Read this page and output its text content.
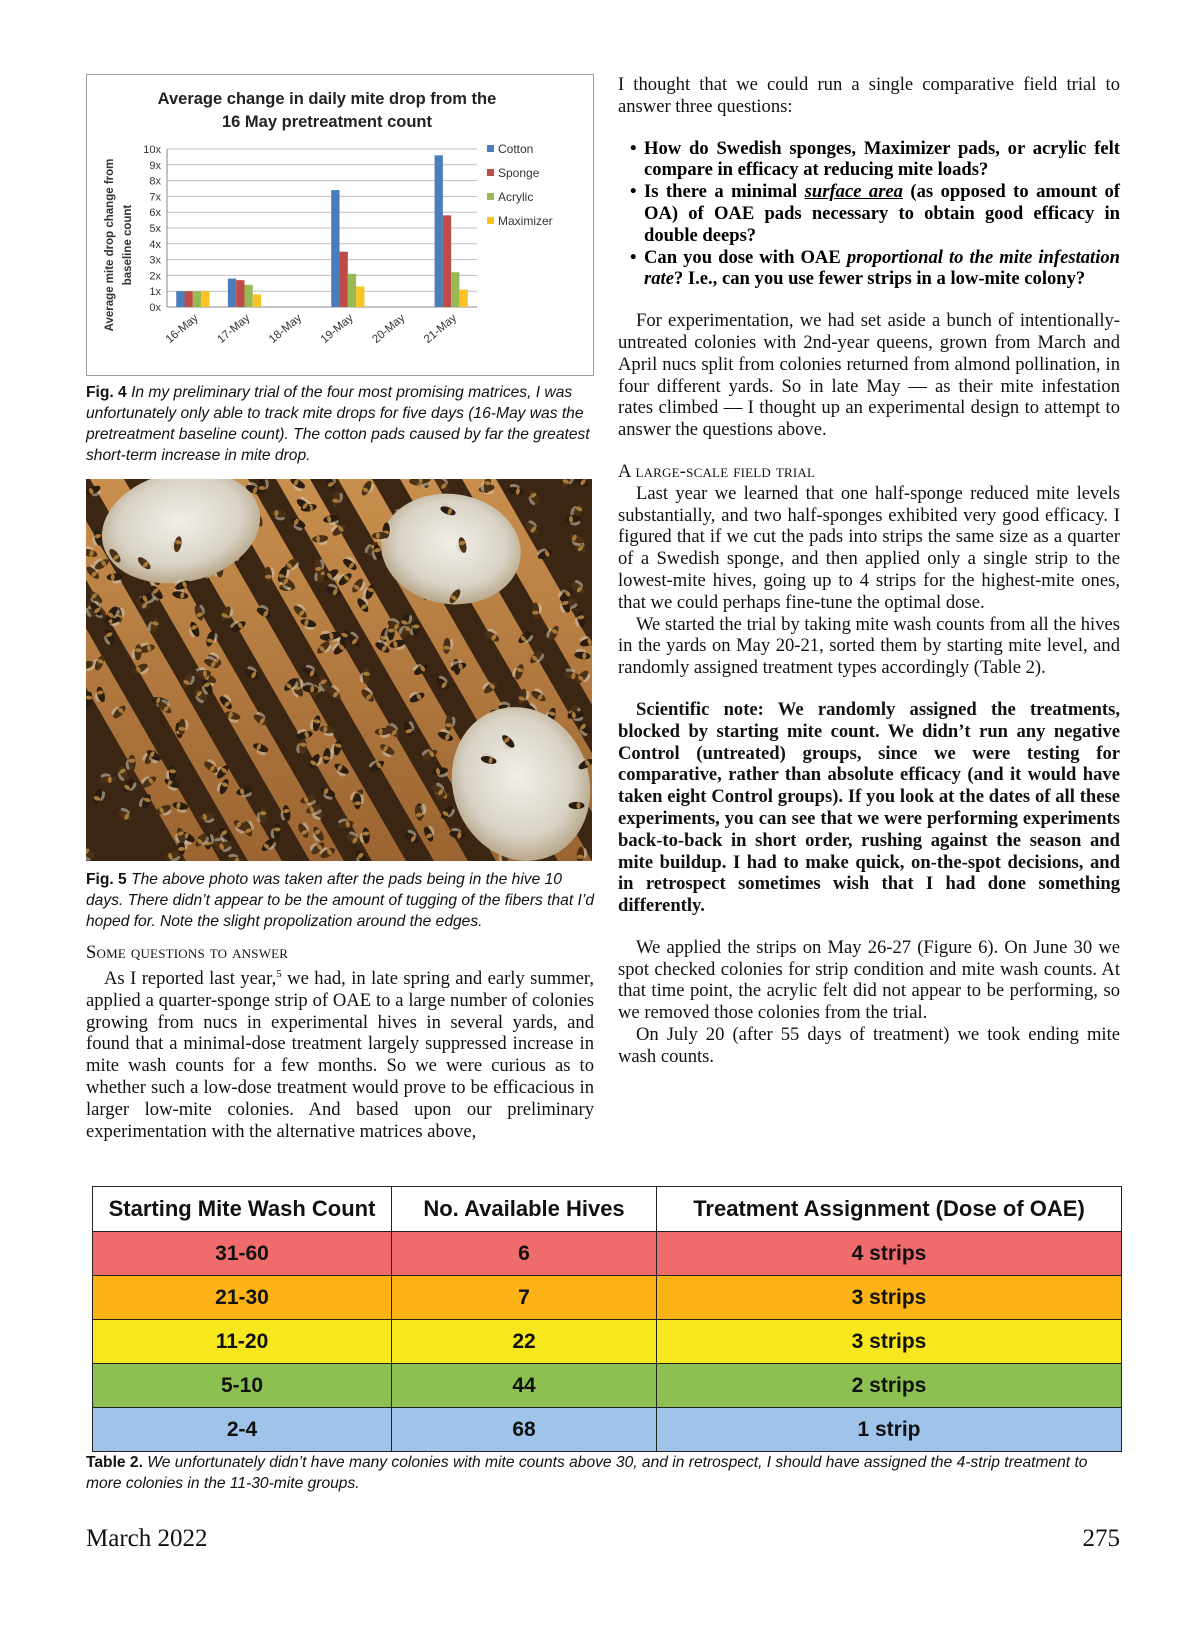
Average change in daily mite drop from the
16 May pretreatment count
0x
1x
2x
3x
4x
5x
6x
7x
8x
9x
10x
Average mite drop change from baseline count
16-May 17-May 18-May 19-May 20-May 21-May
Cotton
Sponge
Acrylic
Maximizer
Fig. 4 In my preliminary trial of the four most promising matrices, I was unfortunately only able to track mite drops for five days (16-May was the pretreatment baseline count). The cotton pads caused by far the greatest short-term increase in mite drop.
Fig. 5 The above photo was taken after the pads being in the hive 10 days. There didn’t appear to be the amount of tugging of the fibers that I’d hoped for. Note the slight propolization around the edges.

Some questions to answer

As I reported last year,$^5$ we had, in late spring and early summer, applied a quarter-sponge strip of OAE to a large number of colonies growing from nucs in experimental hives in several yards, and found that a minimal-dose treatment largely suppressed increase in mite wash counts for a few months. So we were curious as to whether such a low-dose treatment would prove to be efficacious in larger low-mite colonies. And based upon our preliminary experimentation with the alternative matrices above,

I thought that we could run a single comparative field trial to answer three questions:

• How do Swedish sponges, Maximizer pads, or acrylic felt compare in efficacy at reducing mite loads?
• Is there a minimal surface area (as opposed to amount of OA) of OAE pads necessary to obtain good efficacy in double deeps?
• Can you dose with OAE proportional to the mite infestation rate? I.e., can you use fewer strips in a low-mite colony?

For experimentation, we had set aside a bunch of intentionally-untreated colonies with 2nd-year queens, grown from March and April nucs split from colonies returned from almond pollination, in four different yards. So in late May — as their mite infestation rates climbed — I thought up an experimental design to attempt to answer the questions above.

A large-scale field trial

Last year we learned that one half-sponge reduced mite levels substantially, and two half-sponges exhibited very good efficacy. I figured that if we cut the pads into strips the same size as a quarter of a Swedish sponge, and then applied only a single strip to the lowest-mite hives, going up to 4 strips for the highest-mite ones, that we could perhaps fine-tune the optimal dose.

We started the trial by taking mite wash counts from all the hives in the yards on May 20-21, sorted them by starting mite level, and randomly assigned treatment types accordingly (Table 2).

Scientific note: We randomly assigned the treatments, blocked by starting mite count. We didn’t run any negative Control (untreated) groups, since we were testing for comparative, rather than absolute efficacy (and it would have taken eight Control groups). If you look at the dates of all these experiments, you can see that we were performing experiments back-to-back in short order, rushing against the season and mite buildup. I had to make quick, on-the-spot decisions, and in retrospect sometimes wish that I had done something differently.

We applied the strips on May 26-27 (Figure 6). On June 30 we spot checked colonies for strip condition and mite wash counts. At that time point, the acrylic felt did not appear to be performing, so we removed those colonies from the trial.

On July 20 (after 55 days of treatment) we took ending mite wash counts.

Starting Mite Wash Count	No. Available Hives	Treatment Assignment (Dose of OAE)
31-60	6	4 strips
21-30	7	3 strips
11-20	22	3 strips
5-10	44	2 strips
2-4	68	1 strip
Table 2. We unfortunately didn’t have many colonies with mite counts above 30, and in retrospect, I should have assigned the 4-strip treatment to more colonies in the 11-30-mite groups.
March 2022	275
